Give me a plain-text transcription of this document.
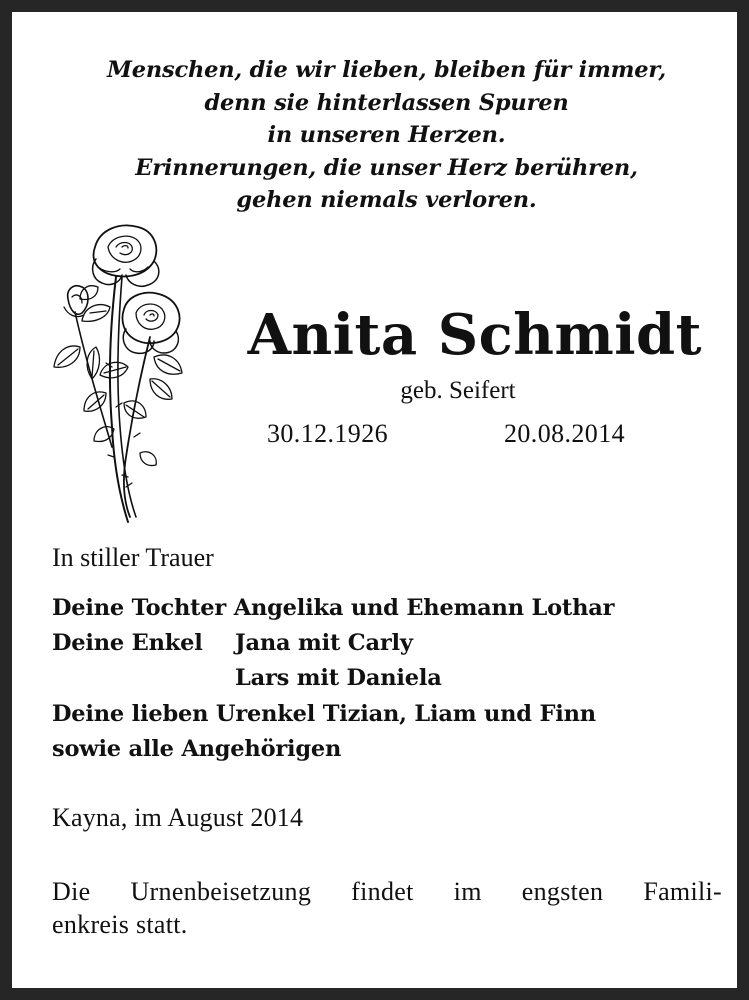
Menschen, die wir lieben, bleiben für immer,
denn sie hinterlassen Spuren
in unseren Herzen.
Erinnerungen, die unser Herz berühren,
gehen niemals verloren.
Anita Schmidt
geb. Seifert
30.12.1926	20.08.2014
In stiller Trauer
Deine Tochter Angelika und Ehemann Lothar
Deine Enkel Jana mit Carly
Lars mit Daniela
Deine lieben Urenkel Tizian, Liam und Finn
sowie alle Angehörigen
Kayna, im August 2014
Die Urnenbeisetzung findet im engsten Famili-
enkreis statt.
